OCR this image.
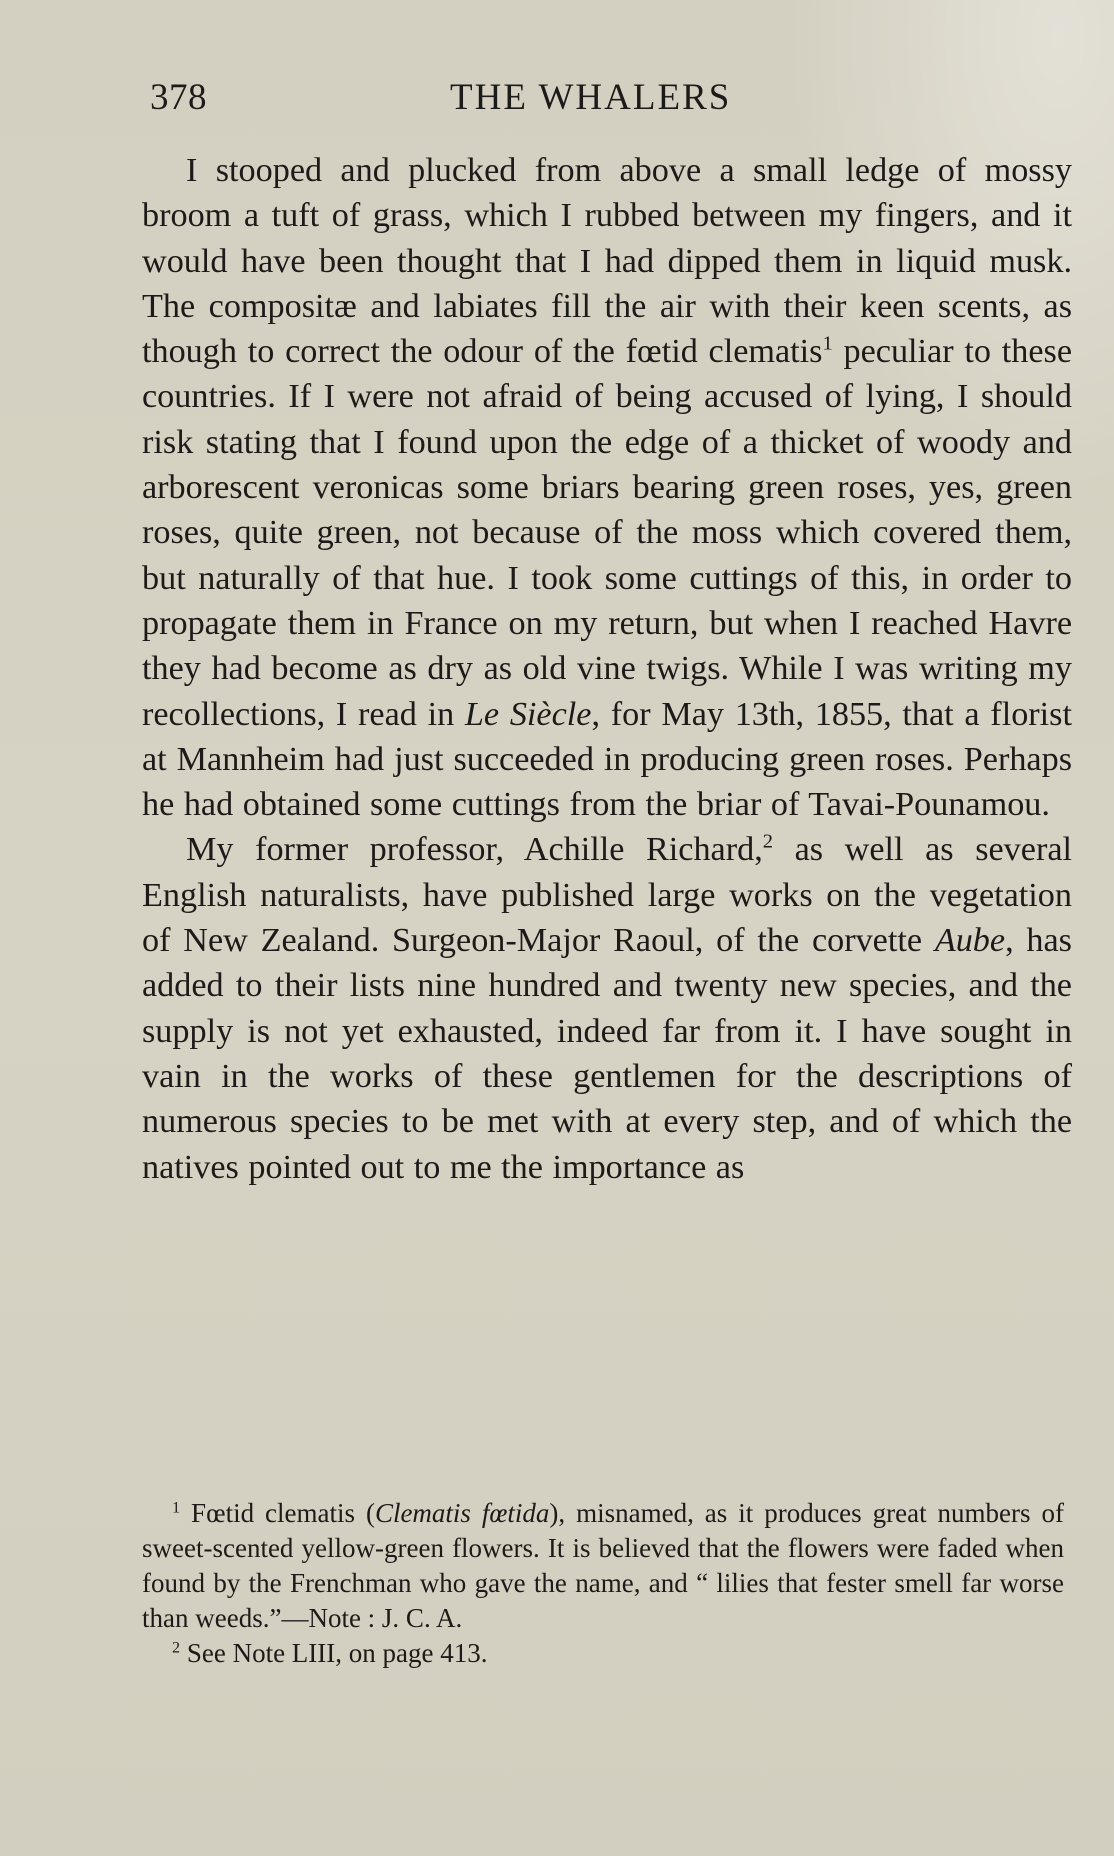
378	THE WHALERS

I stooped and plucked from above a small ledge of mossy broom a tuft of grass, which I rubbed between my fingers, and it would have been thought that I had dipped them in liquid musk. The compositæ and labiates fill the air with their keen scents, as though to correct the odour of the fœtid clematis$^1$ peculiar to these countries. If I were not afraid of being accused of lying, I should risk stating that I found upon the edge of a thicket of woody and arborescent veronicas some briars bearing green roses, yes, green roses, quite green, not because of the moss which covered them, but naturally of that hue. I took some cuttings of this, in order to propagate them in France on my return, but when I reached Havre they had become as dry as old vine twigs. While I was writing my recollections, I read in Le Siècle, for May 13th, 1855, that a florist at Mannheim had just succeeded in producing green roses. Perhaps he had obtained some cuttings from the briar of Tavai-Pounamou.

My former professor, Achille Richard,$^2$ as well as several English naturalists, have published large works on the vegetation of New Zealand. Surgeon-Major Raoul, of the corvette Aube, has added to their lists nine hundred and twenty new species, and the supply is not yet exhausted, indeed far from it. I have sought in vain in the works of these gentlemen for the descriptions of numerous species to be met with at every step, and of which the natives pointed out to me the importance as

$^1$ Fœtid clematis (Clematis fœtida), misnamed, as it produces great numbers of sweet-scented yellow-green flowers. It is believed that the flowers were faded when found by the Frenchman who gave the name, and “ lilies that fester smell far worse than weeds.”—Note : J. C. A.

$^2$ See Note LIII, on page 413.
